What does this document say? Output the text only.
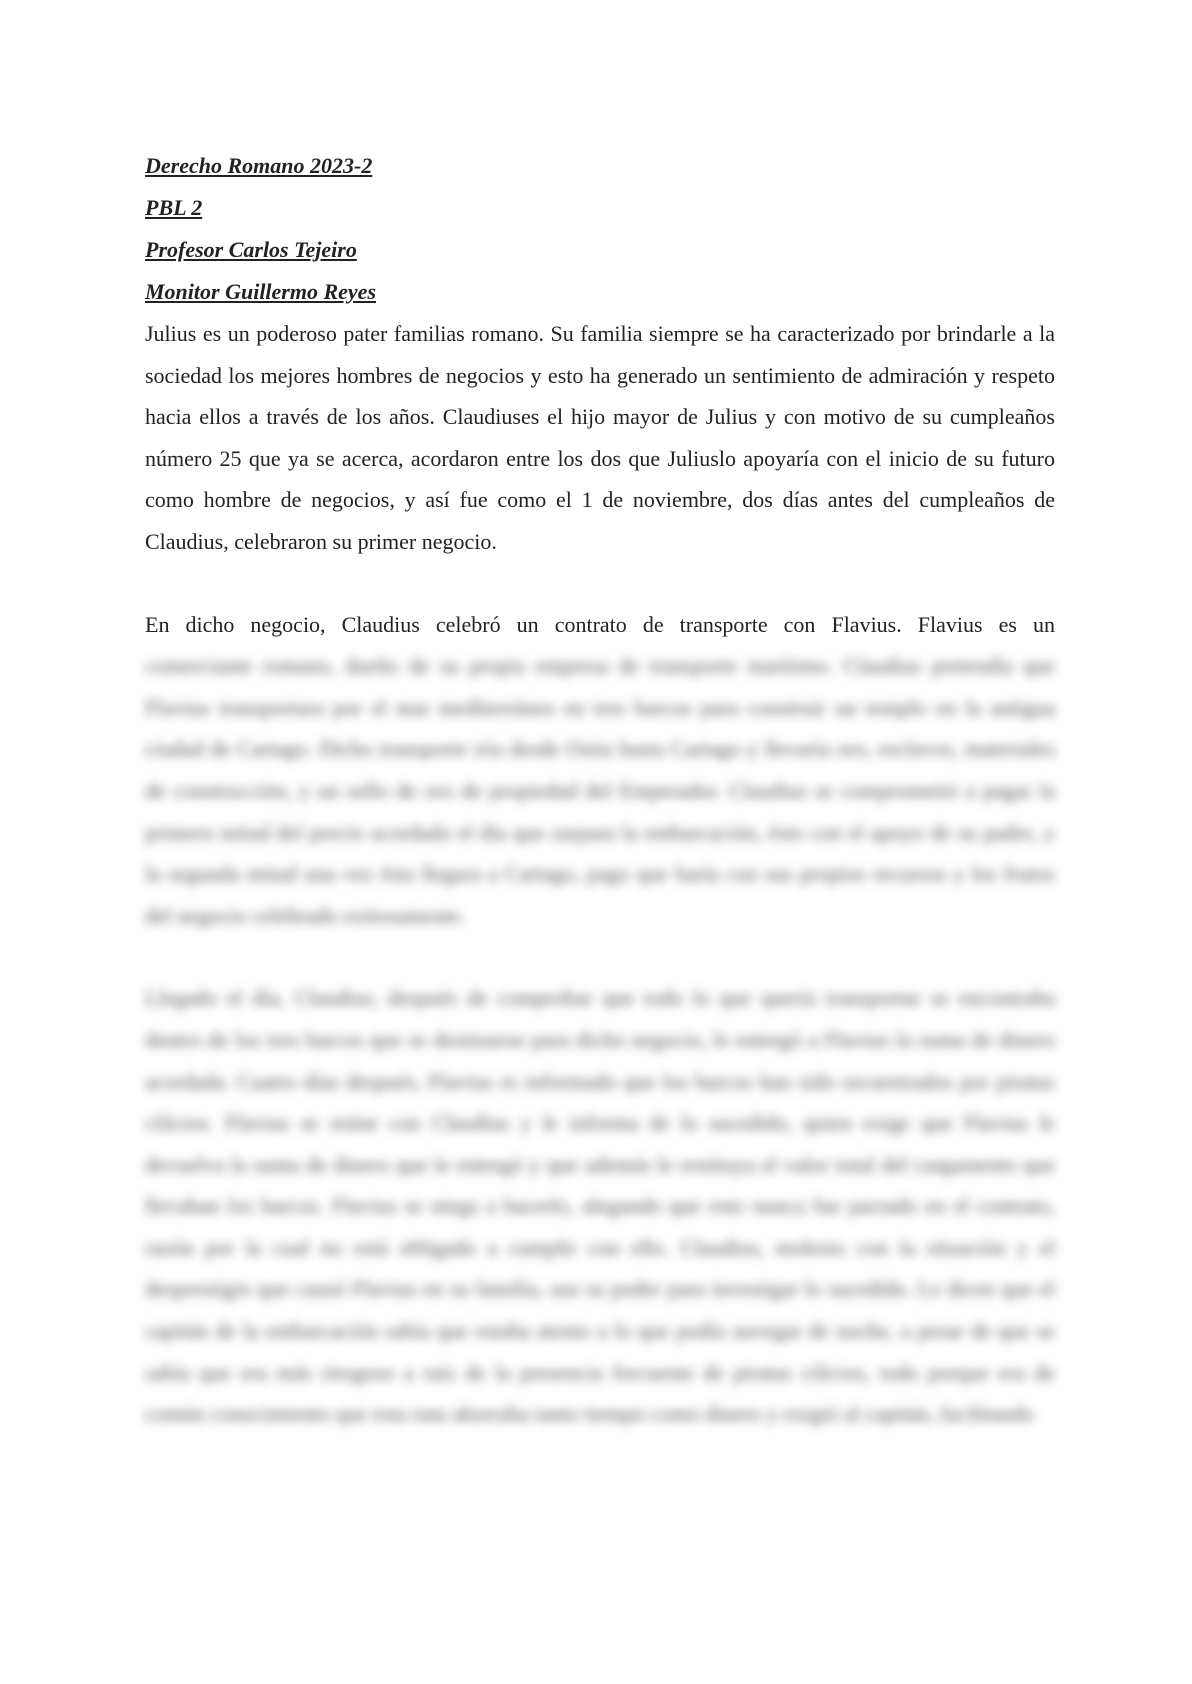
Derecho Romano 2023-2
PBL 2
Profesor Carlos Tejeiro
Monitor Guillermo Reyes

Julius es un poderoso pater familias romano. Su familia siempre se ha caracterizado por brindarle a la sociedad los mejores hombres de negocios y esto ha generado un sentimiento de admiración y respeto hacia ellos a través de los años. Claudiuses el hijo mayor de Julius y con motivo de su cumpleaños número 25 que ya se acerca, acordaron entre los dos que Juliuslo apoyaría con el inicio de su futuro como hombre de negocios, y así fue como el 1 de noviembre, dos días antes del cumpleaños de Claudius, celebraron su primer negocio.

En dicho negocio, Claudius celebró un contrato de transporte con Flavius. Flavius es un

comerciante romano, dueño de su propia empresa de transporte marítimo. Claudius pretendía que Flavius transportara por el mar mediterráneo en tres barcos para construir un templo en la antigua ciudad de Cartago. Dicho transporte iría desde Ostia hasta Cartago y llevaría oro, esclavos, materiales de construcción, y un sello de oro de propiedad del Emperador. Claudius se comprometió a pagar la primera mitad del precio acordado el día que zarpara la embarcación, ésto con el apoyo de su padre, y la segunda mitad una vez ésta llegara a Cartago, pago que haría con sus propios recursos y los frutos del negocio celebrado exitosamente.

Llegado el día, Claudius, después de comprobar que todo lo que quería transportar se encontraba dentro de los tres barcos que se destinaron para dicho negocio, le entregó a Flavius la suma de dinero acordada. Cuatro días después, Flavius es informado que los barcos han sido secuestrados por piratas cilicios. Flavius se reúne con Claudius y le informa de lo sucedido, quien exige que Flavius le devuelva la suma de dinero que le entregó y que además le restituya el valor total del cargamento que llevaban los barcos. Flavius se niega a hacerlo, alegando que esto nunca fue pactado en el contrato, razón por la cual no está obligado a cumplir con ello. Claudius, molesto con la situación y el desprestigio que causó Flavius en su familia, usa su poder para investigar lo sucedido. Le dicen que el capitán de la embarcación sabía que estaba atento a lo que podía navegar de noche, a pesar de que se sabía que era más riesgoso a raíz de la presencia frecuente de piratas cilicios, todo porque era de común conocimiento que esta ruta ahorraba tanto tiempo como dinero y exigió al capitán, facilitando
